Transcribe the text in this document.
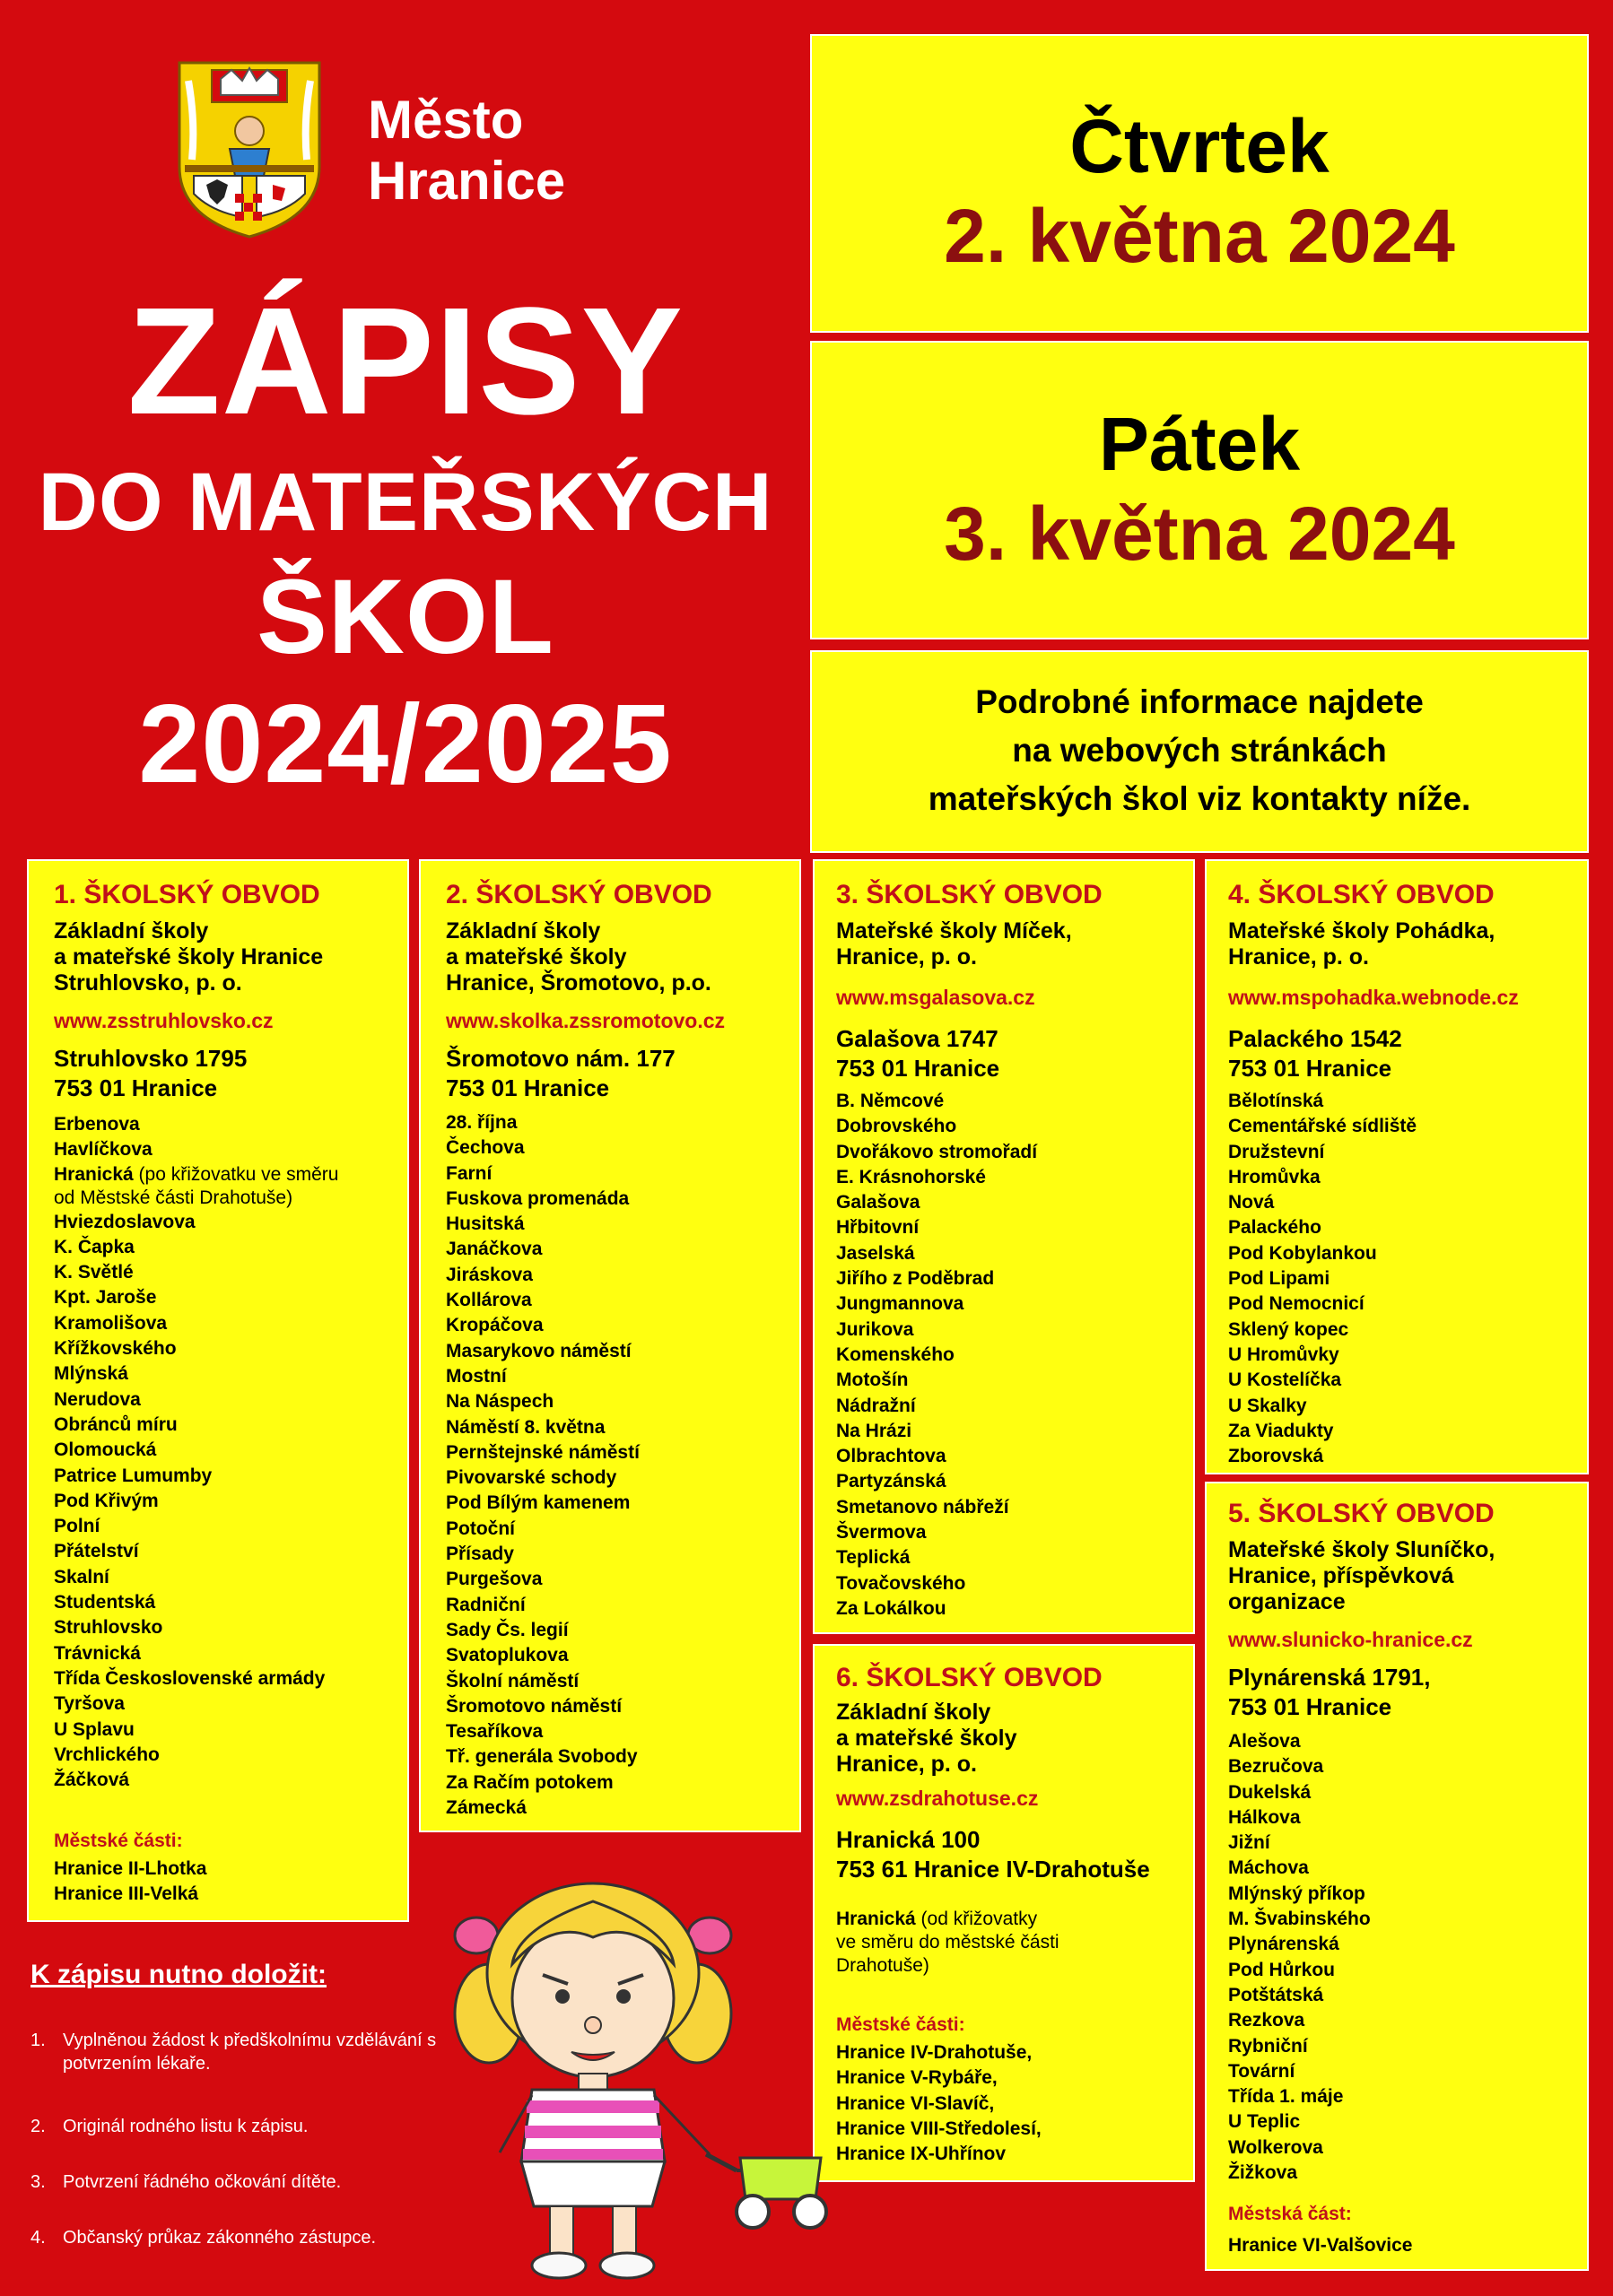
Město
Hranice
ZÁPISY
DO MATEŘSKÝCH
ŠKOL
2024/2025
Čtvrtek
2. května 2024
Pátek
3. května 2024
Podrobné informace najdete
na webových stránkách
mateřských škol viz kontakty níže.
1. ŠKOLSKÝ OBVOD
Základní školy
a mateřské školy Hranice
Struhlovsko, p. o.
www.zsstruhlovsko.cz
Struhlovsko 1795
753 01 Hranice
Erbenova
Havlíčkova
Hranická (po křižovatku ve směru
od Městské části Drahotuše)
Hviezdoslavova
K. Čapka
K. Světlé
Kpt. Jaroše
Kramolišova
Křížkovského
Mlýnská
Nerudova
Obránců míru
Olomoucká
Patrice Lumumby
Pod Křivým
Polní
Přátelství
Skalní
Studentská
Struhlovsko
Trávnická
Třída Československé armády
Tyršova
U Splavu
Vrchlického
Žáčková
Městské části:
Hranice II-Lhotka
Hranice III-Velká
2. ŠKOLSKÝ OBVOD
Základní školy
a mateřské školy
Hranice, Šromotovo, p.o.
www.skolka.zssromotovo.cz
Šromotovo nám. 177
753 01 Hranice
28. října
Čechova
Farní
Fuskova promenáda
Husitská
Janáčkova
Jiráskova
Kollárova
Kropáčova
Masarykovo náměstí
Mostní
Na Náspech
Náměstí 8. května
Pernštejnské náměstí
Pivovarské schody
Pod Bílým kamenem
Potoční
Přísady
Purgešova
Radniční
Sady Čs. legií
Svatoplukova
Školní náměstí
Šromotovo náměstí
Tesaříkova
Tř. generála Svobody
Za Račím potokem
Zámecká
3. ŠKOLSKÝ OBVOD
Mateřské školy Míček,
Hranice, p. o.
www.msgalasova.cz
Galašova 1747
753 01 Hranice
B. Němcové
Dobrovského
Dvořákovo stromořadí
E. Krásnohorské
Galašova
Hřbitovní
Jaselská
Jiřího z Poděbrad
Jungmannova
Jurikova
Komenského
Motošín
Nádražní
Na Hrázi
Olbrachtova
Partyzánská
Smetanovo nábřeží
Švermova
Teplická
Tovačovského
Za Lokálkou
4. ŠKOLSKÝ OBVOD
Mateřské školy Pohádka,
Hranice, p. o.
www.mspohadka.webnode.cz
Palackého 1542
753 01 Hranice
Bělotínská
Cementářské sídliště
Družstevní
Hromůvka
Nová
Palackého
Pod Kobylankou
Pod Lipami
Pod Nemocnicí
Sklený kopec
U Hromůvky
U Kostelíčka
U Skalky
Za Viadukty
Zborovská
5. ŠKOLSKÝ OBVOD
Mateřské školy Sluníčko,
Hranice, příspěvková
organizace
www.slunicko-hranice.cz
Plynárenská 1791,
753 01 Hranice
Alešova
Bezručova
Dukelská
Hálkova
Jižní
Máchova
Mlýnský příkop
M. Švabinského
Plynárenská
Pod Hůrkou
Potštátská
Rezkova
Rybniční
Tovární
Třída 1. máje
U Teplic
Wolkerova
Žižkova
Městská část:
Hranice VI-Valšovice
6. ŠKOLSKÝ OBVOD
Základní školy
a mateřské školy
Hranice, p. o.
www.zsdrahotuse.cz
Hranická 100
753 61 Hranice IV-Drahotuše
Hranická (od křižovatky
ve směru do městské části
Drahotuše)
Městské části:
Hranice IV-Drahotuše,
Hranice V-Rybáře,
Hranice VI-Slavíč,
Hranice VIII-Středolesí,
Hranice IX-Uhřínov
K zápisu nutno doložit:
1. Vyplněnou žádost k předškolnímu vzdělávání s potvrzením lékaře.
2. Originál rodného listu k zápisu.
3. Potvrzení řádného očkování dítěte.
4. Občanský průkaz zákonného zástupce.
